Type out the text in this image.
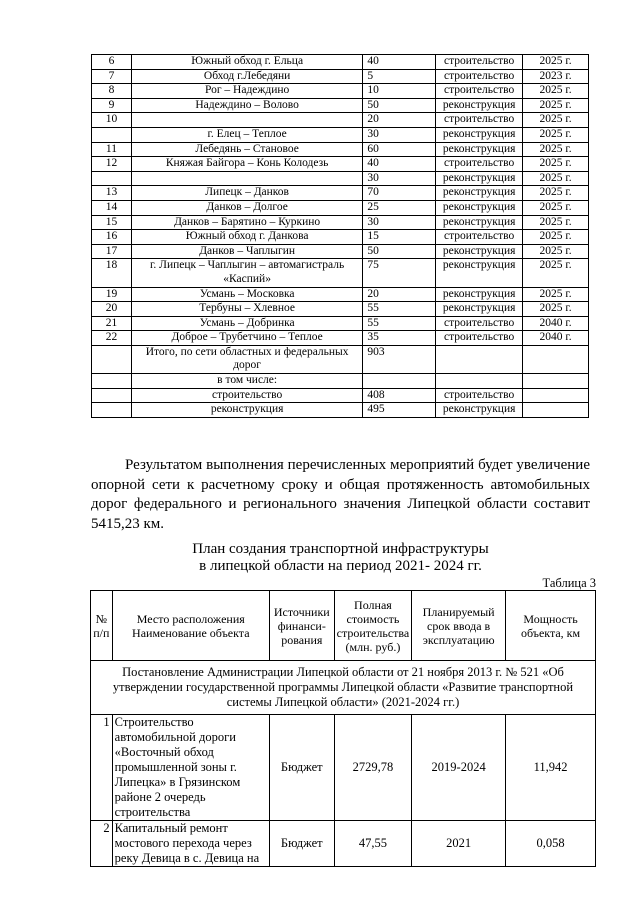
6	Южный обход г. Ельца	40	строительство	2025 г.
7	Обход г.Лебедяни	5	строительство	2023 г.
8	Рог – Надеждино	10	строительство	2025 г.
9	Надеждино – Волово	50	реконструкция	2025 г.
10		20	строительство	2025 г.
	г. Елец – Теплое	30	реконструкция	2025 г.
11	Лебедянь – Становое	60	реконструкция	2025 г.
12	Княжая Байгора – Конь Колодезь	40	строительство	2025 г.
		30	реконструкция	2025 г.
13	Липецк – Данков	70	реконструкция	2025 г.
14	Данков – Долгое	25	реконструкция	2025 г.
15	Данков – Барятино – Куркино	30	реконструкция	2025 г.
16	Южный обход г. Данкова	15	строительство	2025 г.
17	Данков – Чаплыгин	50	реконструкция	2025 г.
18	г. Липецк – Чаплыгин – автомагистраль «Каспий»	75	реконструкция	2025 г.
19	Усмань – Московка	20	реконструкция	2025 г.
20	Тербуны – Хлевное	55	реконструкция	2025 г.
21	Усмань – Добринка	55	строительство	2040 г.
22	Доброе – Трубетчино – Теплое	35	строительство	2040 г.
	Итого, по сети областных и федеральных дорог	903		
	в том числе:			
	строительство	408	строительство	
	реконструкция	495	реконструкция	
Результатом выполнения перечисленных мероприятий будет увеличение
опорной сети к расчетному сроку и общая протяженность автомобильных
дорог федерального и регионального значения Липецкой области составит
5415,23 км.
План создания транспортной инфраструктуры
в липецкой области на период 2021- 2024 гг.
Таблица 3
№ п/п	Место расположения Наименование объекта	Источники финанси-рования	Полная стоимость строительства (млн. руб.)	Планируемый срок ввода в эксплуатацию	Мощность объекта, км
Постановление Администрации Липецкой области от 21 ноября 2013 г. № 521 «Об утверждении государственной программы Липецкой области «Развитие транспортной системы Липецкой области» (2021-2024 гг.)					
1	Строительство автомобильной дороги «Восточный обход промышленной зоны г. Липецка» в Грязинском районе 2 очередь строительства	Бюджет	2729,78	2019-2024	11,942
2	Капитальный ремонт мостового перехода через реку Девица в с. Девица на	Бюджет	47,55	2021	0,058
